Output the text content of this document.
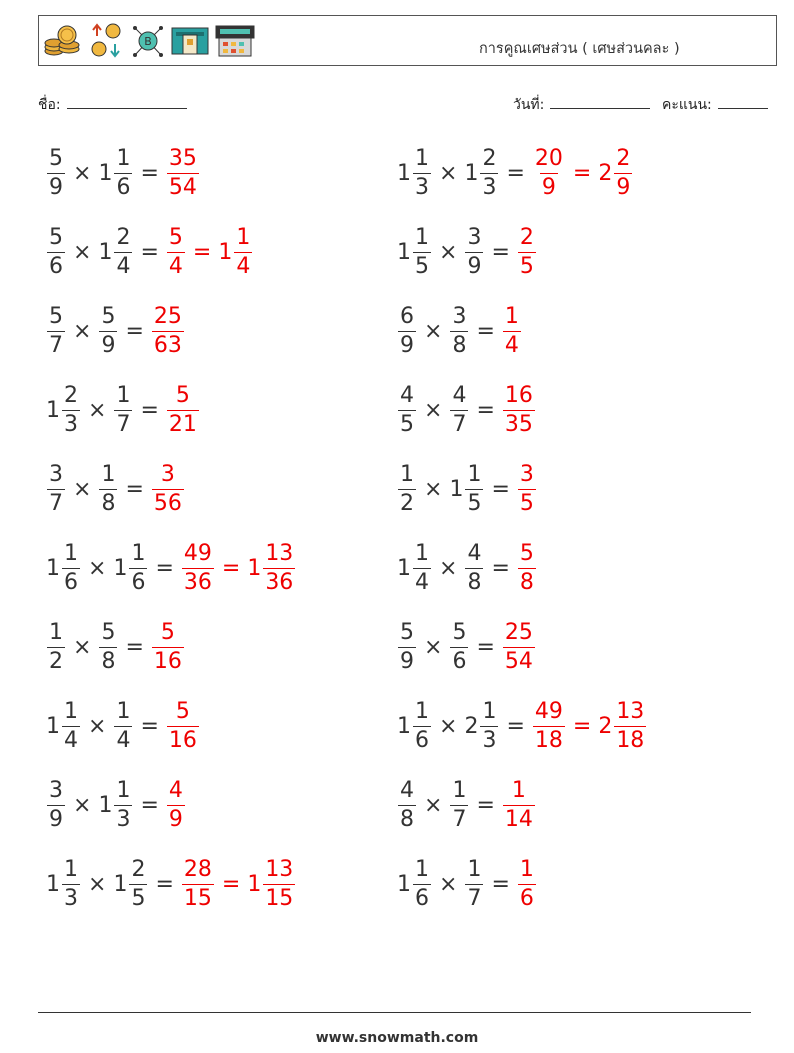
B	การคูณเศษส่วน ( เศษส่วนคละ )
ชื่อ:	วันที่:	คะแนน:
$\frac{5}{9} \times 1 \frac{1}{6} = \frac{35}{54}$	$1 \frac{1}{3} \times 1 \frac{2}{3} = \frac{20}{9} = 2 \frac{2}{9}$
$\frac{5}{6} \times 1 \frac{2}{4} = \frac{5}{4} = 1 \frac{1}{4}$	$1 \frac{1}{5} \times \frac{3}{9} = \frac{2}{5}$
$\frac{5}{7} \times \frac{5}{9} = \frac{25}{63}$	$\frac{6}{9} \times \frac{3}{8} = \frac{1}{4}$
$1 \frac{2}{3} \times \frac{1}{7} = \frac{5}{21}$	$\frac{4}{5} \times \frac{4}{7} = \frac{16}{35}$
$\frac{3}{7} \times \frac{1}{8} = \frac{3}{56}$	$\frac{1}{2} \times 1 \frac{1}{5} = \frac{3}{5}$
$1 \frac{1}{6} \times 1 \frac{1}{6} = \frac{49}{36} = 1 \frac{13}{36}$	$1 \frac{1}{4} \times \frac{4}{8} = \frac{5}{8}$
$\frac{1}{2} \times \frac{5}{8} = \frac{5}{16}$	$\frac{5}{9} \times \frac{5}{6} = \frac{25}{54}$
$1 \frac{1}{4} \times \frac{1}{4} = \frac{5}{16}$	$1 \frac{1}{6} \times 2 \frac{1}{3} = \frac{49}{18} = 2 \frac{13}{18}$
$\frac{3}{9} \times 1 \frac{1}{3} = \frac{4}{9}$	$\frac{4}{8} \times \frac{1}{7} = \frac{1}{14}$
$1 \frac{1}{3} \times 1 \frac{2}{5} = \frac{28}{15} = 1 \frac{13}{15}$	$1 \frac{1}{6} \times \frac{1}{7} = \frac{1}{6}$
www.snowmath.com
